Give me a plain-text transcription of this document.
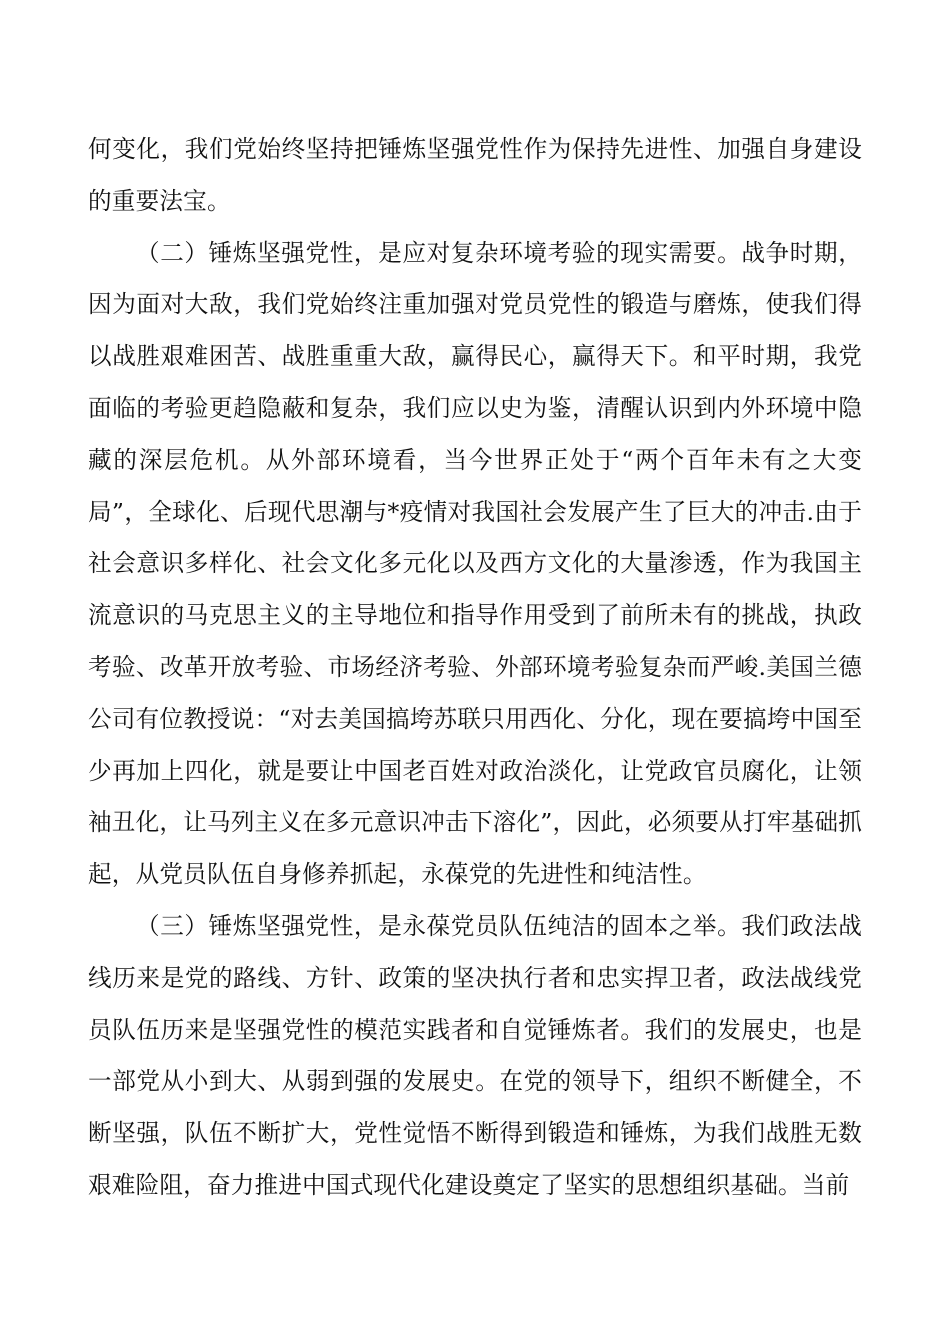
何变化，我们党始终坚持把锤炼坚强党性作为保持先进性、加强自身建设的重要法宝。

（二）锤炼坚强党性，是应对复杂环境考验的现实需要。战争时期，因为面对大敌，我们党始终注重加强对党员党性的锻造与磨炼，使我们得以战胜艰难困苦、战胜重重大敌，赢得民心，赢得天下。和平时期，我党面临的考验更趋隐蔽和复杂，我们应以史为鉴，清醒认识到内外环境中隐藏的深层危机。从外部环境看，当今世界正处于“两个百年未有之大变局”，全球化、后现代思潮与*疫情对我国社会发展产生了巨大的冲击.由于社会意识多样化、社会文化多元化以及西方文化的大量渗透，作为我国主流意识的马克思主义的主导地位和指导作用受到了前所未有的挑战，执政考验、改革开放考验、市场经济考验、外部环境考验复杂而严峻.美国兰德公司有位教授说：“对去美国搞垮苏联只用西化、分化，现在要搞垮中国至少再加上四化，就是要让中国老百姓对政治淡化，让党政官员腐化，让领袖丑化，让马列主义在多元意识冲击下溶化”，因此，必须要从打牢基础抓起，从党员队伍自身修养抓起，永葆党的先进性和纯洁性。

（三）锤炼坚强党性，是永葆党员队伍纯洁的固本之举。我们政法战线历来是党的路线、方针、政策的坚决执行者和忠实捍卫者，政法战线党员队伍历来是坚强党性的模范实践者和自觉锤炼者。我们的发展史，也是一部党从小到大、从弱到强的发展史。在党的领导下，组织不断健全，不断坚强，队伍不断扩大，党性觉悟不断得到锻造和锤炼，为我们战胜无数艰难险阻，奋力推进中国式现代化建设奠定了坚实的思想组织基础。当前
